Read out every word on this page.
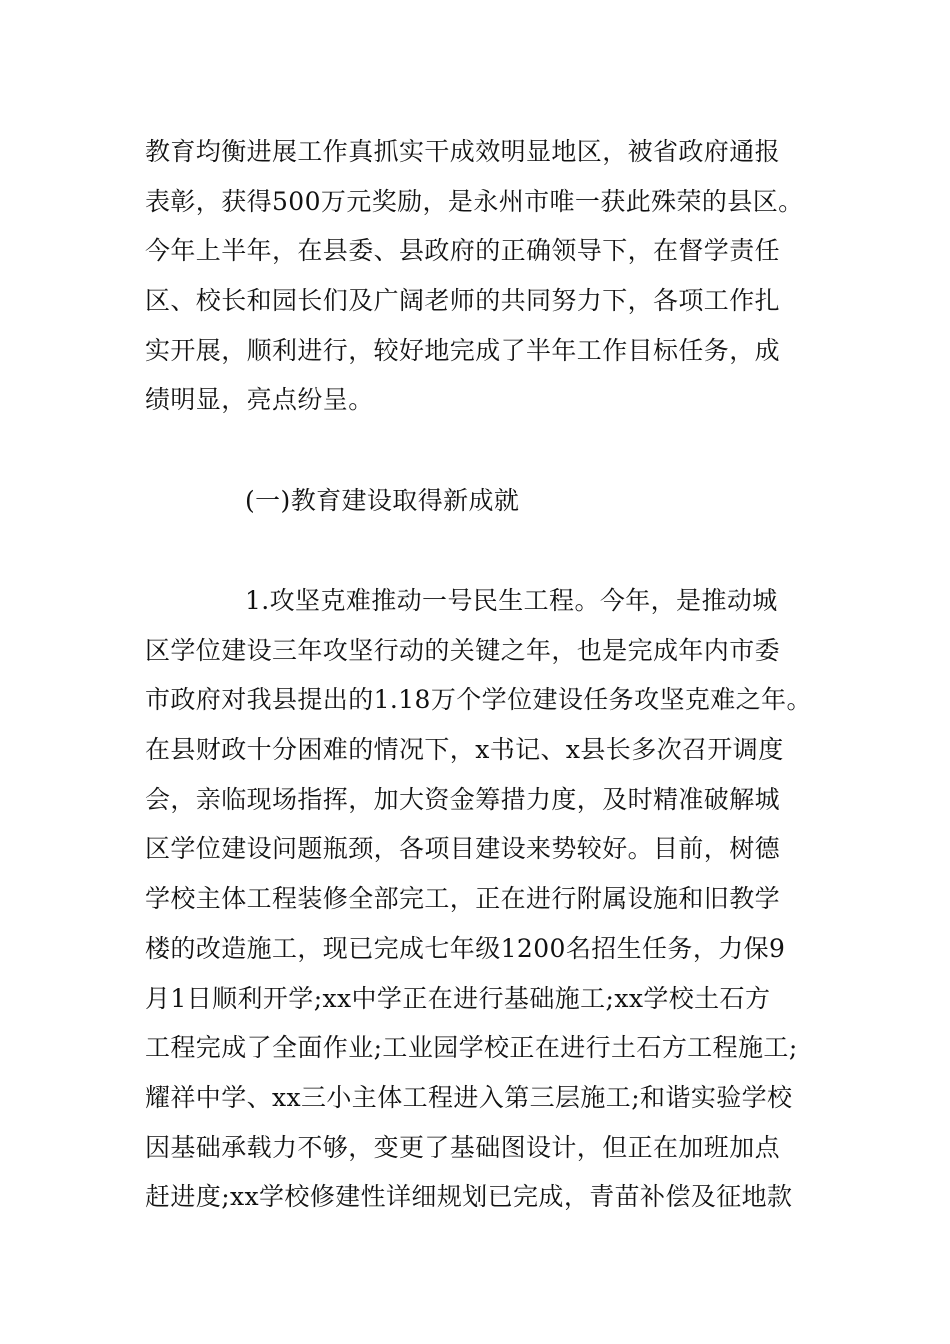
教育均衡进展工作真抓实干成效明显地区，被省政府通报
表彰，获得500万元奖励，是永州市唯一获此殊荣的县区。
今年上半年，在县委、县政府的正确领导下，在督学责任
区、校长和园长们及广阔老师的共同努力下，各项工作扎
实开展，顺利进行，较好地完成了半年工作目标任务，成
绩明显，亮点纷呈。
(一)教育建设取得新成就
1.攻坚克难推动一号民生工程。今年，是推动城
区学位建设三年攻坚行动的关键之年，也是完成年内市委
市政府对我县提出的1.18万个学位建设任务攻坚克难之年。
在县财政十分困难的情况下，x书记、x县长多次召开调度
会，亲临现场指挥，加大资金筹措力度，及时精准破解城
区学位建设问题瓶颈，各项目建设来势较好。目前，树德
学校主体工程装修全部完工，正在进行附属设施和旧教学
楼的改造施工，现已完成七年级1200名招生任务，力保9
月1日顺利开学;xx中学正在进行基础施工;xx学校土石方
工程完成了全面作业;工业园学校正在进行土石方工程施工;
耀祥中学、xx三小主体工程进入第三层施工;和谐实验学校
因基础承载力不够，变更了基础图设计，但正在加班加点
赶进度;xx学校修建性详细规划已完成，青苗补偿及征地款
